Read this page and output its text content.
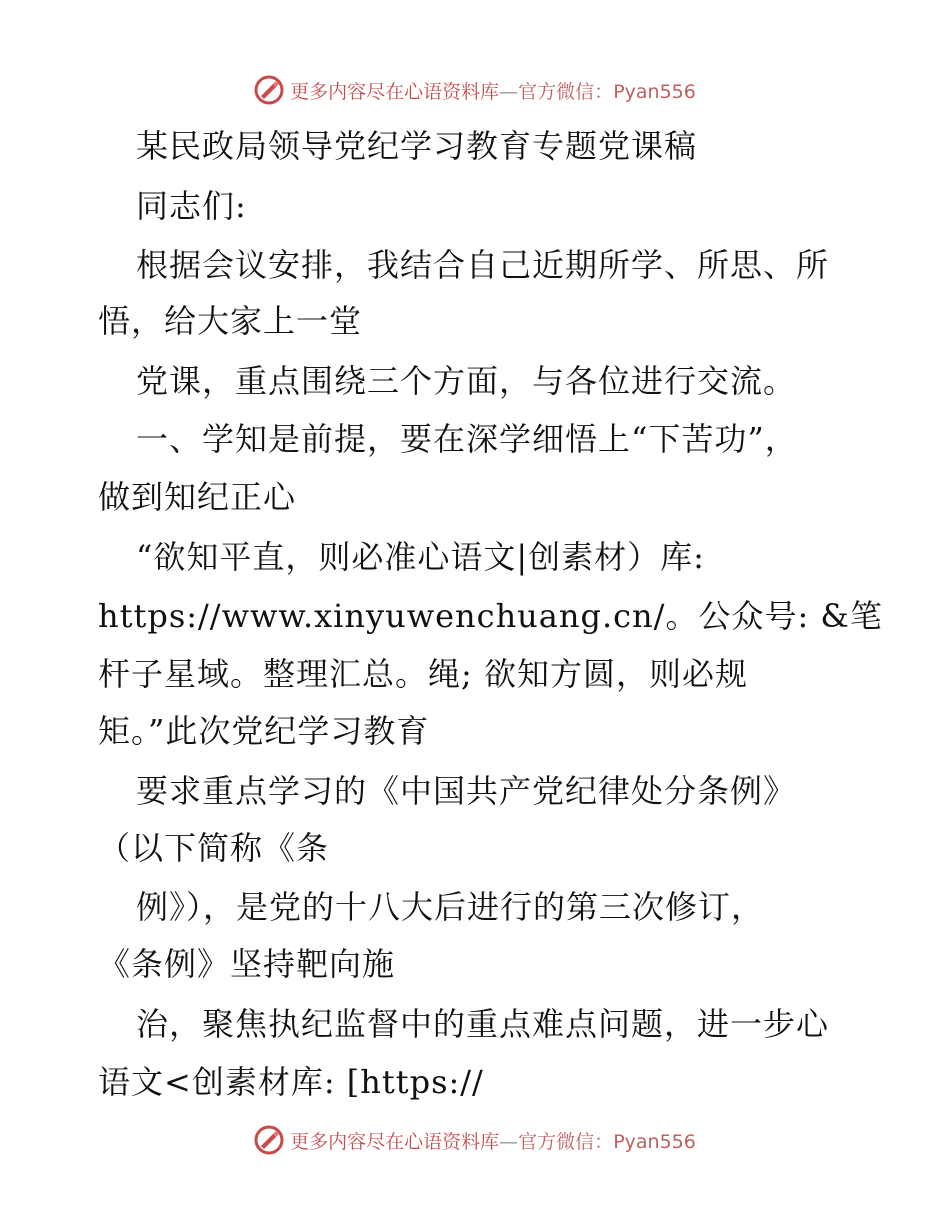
更多内容尽在心语资料库—官方微信：Pyan556
某民政局领导党纪学习教育专题党课稿
同志们:
根据会议安排，我结合自己近期所学、所思、所
悟，给大家上一堂
党课，重点围绕三个方面，与各位进行交流。
一、学知是前提，要在深学细悟上“下苦功”，
做到知纪正心
“欲知平直，则必准心语文|创素材）库:
https://www.xinyuwenchuang.cn/。公众号: &笔
杆子星域。整理汇总。绳; 欲知方圆，则必规
矩。”此次党纪学习教育
要求重点学习的《中国共产党纪律处分条例》
（以下简称《条
例》），是党的十八大后进行的第三次修订，
《条例》坚持靶向施
治，聚焦执纪监督中的重点难点问题，进一步心
语文<创素材库: [https://
更多内容尽在心语资料库—官方微信：Pyan556
